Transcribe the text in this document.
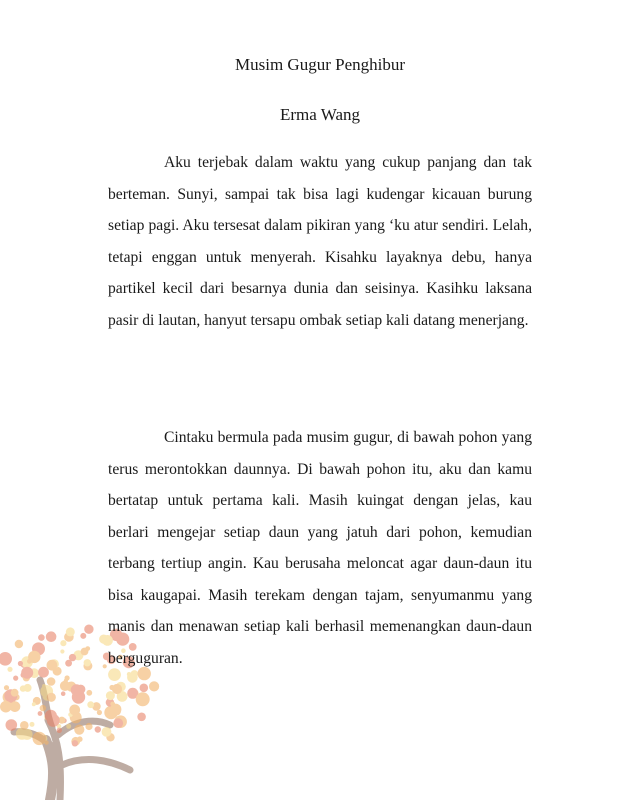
Musim Gugur Penghibur
Erma Wang

Aku terjebak dalam waktu yang cukup panjang dan tak berteman. Sunyi, sampai tak bisa lagi kudengar kicauan burung setiap pagi. Aku tersesat dalam pikiran yang ‘ku atur sendiri. Lelah, tetapi enggan untuk menyerah. Kisahku layaknya debu, hanya partikel kecil dari besarnya dunia dan seisinya. Kasihku laksana pasir di lautan, hanyut tersapu ombak setiap kali datang menerjang.

Cintaku bermula pada musim gugur, di bawah pohon yang terus merontokkan daunnya. Di bawah pohon itu, aku dan kamu bertatap untuk pertama kali. Masih kuingat dengan jelas, kau berlari mengejar setiap daun yang jatuh dari pohon, kemudian terbang tertiup angin. Kau berusaha meloncat agar daun-daun itu bisa kaugapai. Masih terekam dengan tajam, senyumanmu yang manis dan menawan setiap kali berhasil memenangkan daun-daun berguguran.
